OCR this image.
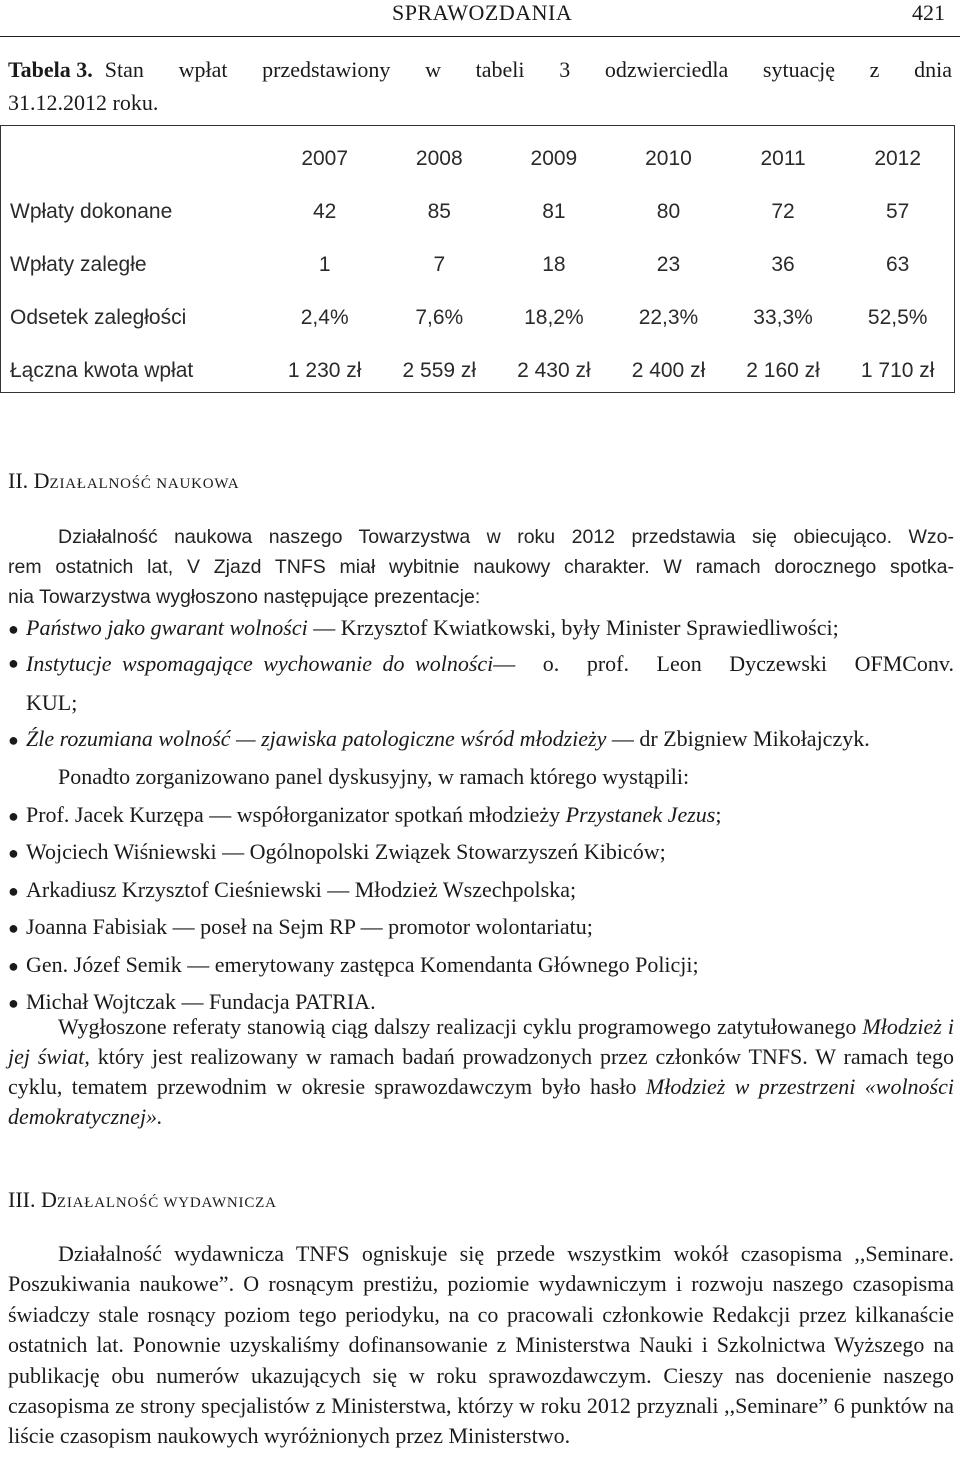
SPRAWOZDANIA	421
Tabela 3. Stan wpłat przedstawiony w tabeli 3 odzwierciedla sytuację z dnia
31.12.2012 roku.
	2007	2008	2009	2010	2011	2012
Wpłaty dokonane	42	85	81	80	72	57
Wpłaty zaległe	1	7	18	23	36	63
Odsetek zaległości	2,4%	7,6%	18,2%	22,3%	33,3%	52,5%
Łączna kwota wpłat	1 230 zł	2 559 zł	2 430 zł	2 400 zł	2 160 zł	1 710 zł
II. DZIAŁALNOŚĆ NAUKOWA
Działalność naukowa naszego Towarzystwa w roku 2012 przedstawia się obiecująco. Wzo-
rem ostatnich lat, V Zjazd TNFS miał wybitnie naukowy charakter. W ramach dorocznego spotka-
nia Towarzystwa wygłoszono następujące prezentacje:
● Państwo jako gwarant wolności — Krzysztof Kwiatkowski, były Minister Sprawiedliwości;
● Instytucje wspomagające wychowanie do wolności — o. prof. Leon Dyczewski OFMConv.
KUL;
● Źle rozumiana wolność — zjawiska patologiczne wśród młodzieży — dr Zbigniew Mikołajczyk.
Ponadto zorganizowano panel dyskusyjny, w ramach którego wystąpili:
● Prof. Jacek Kurzępa — współorganizator spotkań młodzieży Przystanek Jezus;
● Wojciech Wiśniewski — Ogólnopolski Związek Stowarzyszeń Kibiców;
● Arkadiusz Krzysztof Cieśniewski — Młodzież Wszechpolska;
● Joanna Fabisiak — poseł na Sejm RP — promotor wolontariatu;
● Gen. Józef Semik — emerytowany zastępca Komendanta Głównego Policji;
● Michał Wojtczak — Fundacja PATRIA.
Wygłoszone referaty stanowią ciąg dalszy realizacji cyklu programowego zatytułowanego Młodzież i jej świat, który jest realizowany w ramach badań prowadzonych przez członków TNFS. W ramach tego cyklu, tematem przewodnim w okresie sprawozdawczym było hasło Młodzież w przestrzeni «wolności demokratycznej».
III. DZIAŁALNOŚĆ WYDAWNICZA
Działalność wydawnicza TNFS ogniskuje się przede wszystkim wokół czasopisma ,,Seminare. Poszukiwania naukowe”. O rosnącym prestiżu, poziomie wydawniczym i rozwoju naszego czasopisma świadczy stale rosnący poziom tego periodyku, na co pracowali członkowie Redakcji przez kilkanaście ostatnich lat. Ponownie uzyskaliśmy dofinansowanie z Ministerstwa Nauki i Szkolnictwa Wyższego na publikację obu numerów ukazujących się w roku sprawozdawczym. Cieszy nas docenienie naszego czasopisma ze strony specjalistów z Ministerstwa, którzy w roku 2012 przyznali ,,Seminare” 6 punktów na liście czasopism naukowych wyróżnionych przez Ministerstwo.
